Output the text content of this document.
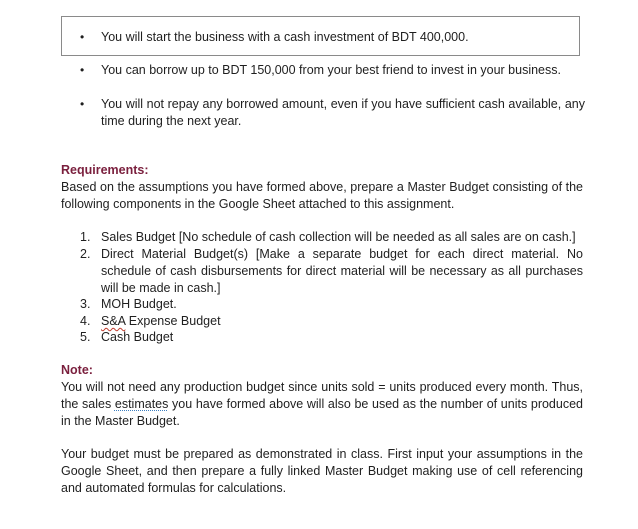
•	You will start the business with a cash investment of BDT 400,000.
•	You can borrow up to BDT 150,000 from your best friend to invest in your business.
•	You will not repay any borrowed amount, even if you have sufficient cash available, any time during the next year.
Requirements:
Based on the assumptions you have formed above, prepare a Master Budget consisting of the following components in the Google Sheet attached to this assignment.
1. Sales Budget [No schedule of cash collection will be needed as all sales are on cash.]
2. Direct Material Budget(s) [Make a separate budget for each direct material. No schedule of cash disbursements for direct material will be necessary as all purchases will be made in cash.]
3. MOH Budget.
4. S&A Expense Budget
5. Cash Budget
Note:
You will not need any production budget since units sold = units produced every month. Thus, the sales estimates you have formed above will also be used as the number of units produced in the Master Budget.
Your budget must be prepared as demonstrated in class. First input your assumptions in the Google Sheet, and then prepare a fully linked Master Budget making use of cell referencing and automated formulas for calculations.
